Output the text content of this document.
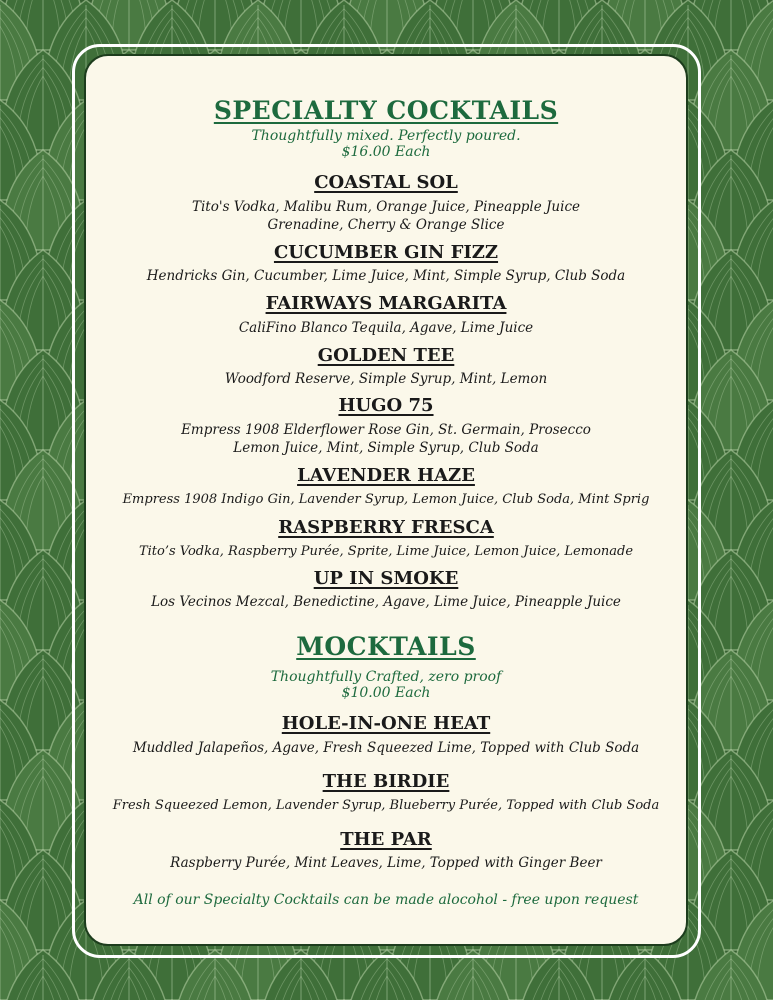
SPECIALTY COCKTAILS
Thoughtfully mixed. Perfectly poured.
$16.00 Each
COASTAL SOL
Tito's Vodka, Malibu Rum, Orange Juice, Pineapple Juice
Grenadine, Cherry & Orange Slice
CUCUMBER GIN FIZZ
Hendricks Gin, Cucumber, Lime Juice, Mint, Simple Syrup, Club Soda
FAIRWAYS MARGARITA
CaliFino Blanco Tequila, Agave, Lime Juice
GOLDEN TEE
Woodford Reserve, Simple Syrup, Mint, Lemon
HUGO 75
Empress 1908 Elderflower Rose Gin, St. Germain, Prosecco
Lemon Juice, Mint, Simple Syrup, Club Soda
LAVENDER HAZE
Empress 1908 Indigo Gin, Lavender Syrup, Lemon Juice, Club Soda, Mint Sprig
RASPBERRY FRESCA
Tito’s Vodka, Raspberry Purée, Sprite, Lime Juice, Lemon Juice, Lemonade
UP IN SMOKE
Los Vecinos Mezcal, Benedictine, Agave, Lime Juice, Pineapple Juice
MOCKTAILS
Thoughtfully Crafted, zero proof
$10.00 Each
HOLE-IN-ONE HEAT
Muddled Jalapeños, Agave, Fresh Squeezed Lime, Topped with Club Soda
THE BIRDIE
Fresh Squeezed Lemon, Lavender Syrup, Blueberry Purée, Topped with Club Soda
THE PAR
Raspberry Purée, Mint Leaves, Lime, Topped with Ginger Beer
All of our Specialty Cocktails can be made alocohol - free upon request
